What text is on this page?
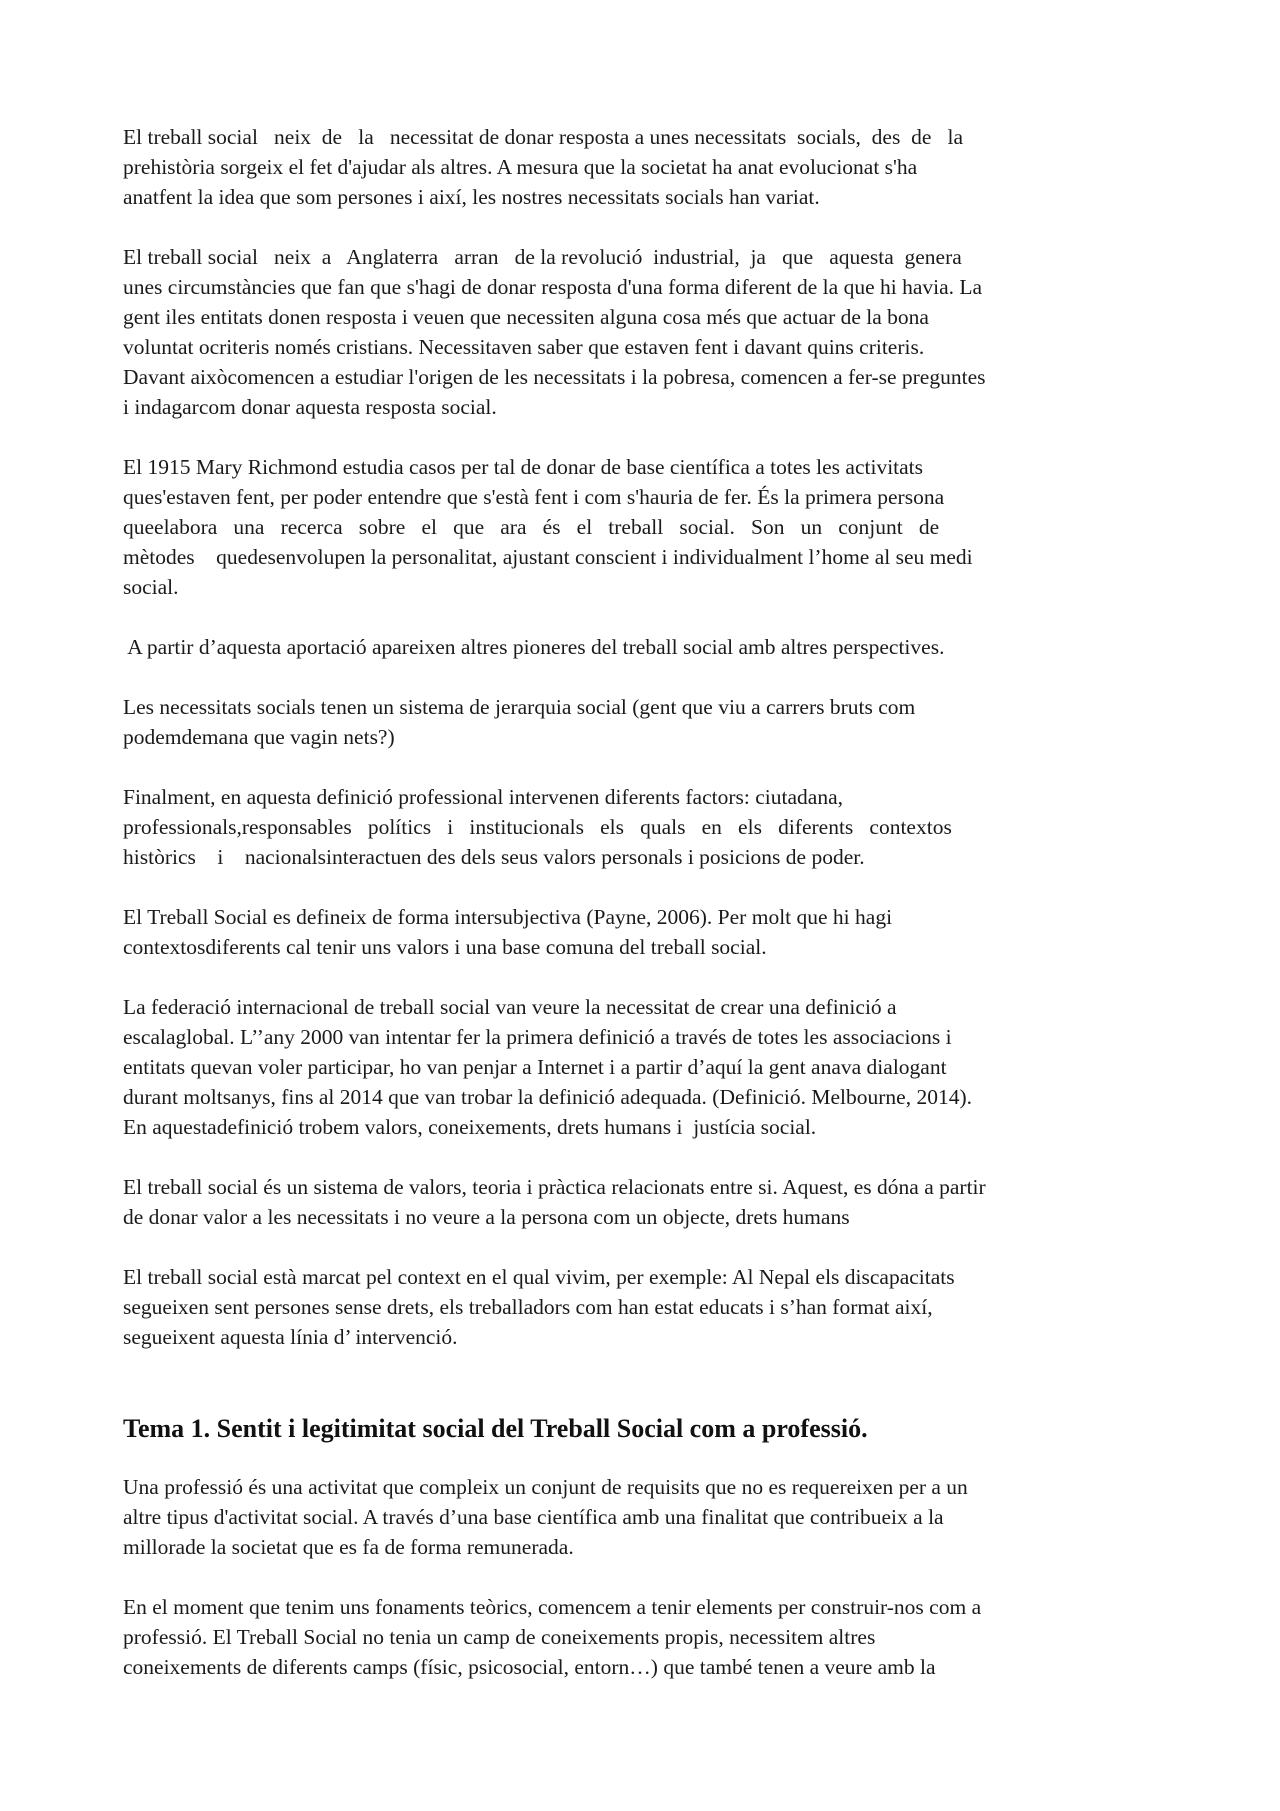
El treball social   neix  de   la   necessitat de donar resposta a unes necessitats  socials,  des  de   la
prehistòria sorgeix el fet d'ajudar als altres. A mesura que la societat ha anat evolucionat s'ha
anatfent la idea que som persones i així, les nostres necessitats socials han variat.

El treball social   neix  a   Anglaterra   arran   de la revolució  industrial,  ja   que   aquesta  genera
unes circumstàncies que fan que s'hagi de donar resposta d'una forma diferent de la que hi havia. La
gent iles entitats donen resposta i veuen que necessiten alguna cosa més que actuar de la bona
voluntat ocriteris només cristians. Necessitaven saber que estaven fent i davant quins criteris.
Davant aixòcomencen a estudiar l'origen de les necessitats i la pobresa, comencen a fer-se preguntes
i indagarcom donar aquesta resposta social.

El 1915 Mary Richmond estudia casos per tal de donar de base científica a totes les activitats
ques'estaven fent, per poder entendre que s'està fent i com s'hauria de fer. És la primera persona
queelabora   una   recerca   sobre   el   que   ara   és   el   treball   social.   Son   un   conjunt   de
mètodes    quedesenvolupen la personalitat, ajustant conscient i individualment l’home al seu medi
social.

A partir d’aquesta aportació apareixen altres pioneres del treball social amb altres perspectives.

Les necessitats socials tenen un sistema de jerarquia social (gent que viu a carrers bruts com
podemdemana que vagin nets?)

Finalment, en aquesta definició professional intervenen diferents factors: ciutadana,
professionals,responsables   polítics   i   institucionals   els   quals   en   els   diferents   contextos
històrics    i    nacionalsinteractuen des dels seus valors personals i posicions de poder.

El Treball Social es defineix de forma intersubjectiva (Payne, 2006). Per molt que hi hagi
contextosdiferents cal tenir uns valors i una base comuna del treball social.

La federació internacional de treball social van veure la necessitat de crear una definició a
escalaglobal. L’’any 2000 van intentar fer la primera definició a través de totes les associacions i
entitats quevan voler participar, ho van penjar a Internet i a partir d’aquí la gent anava dialogant
durant moltsanys, fins al 2014 que van trobar la definició adequada. (Definició. Melbourne, 2014).
En aquestadefinició trobem valors, coneixements, drets humans i  justícia social.

El treball social és un sistema de valors, teoria i pràctica relacionats entre si. Aquest, es dóna a partir
de donar valor a les necessitats i no veure a la persona com un objecte, drets humans

El treball social està marcat pel context en el qual vivim, per exemple: Al Nepal els discapacitats
segueixen sent persones sense drets, els treballadors com han estat educats i s’han format així,
segueixent aquesta línia d’ intervenció.

Tema 1. Sentit i legitimitat social del Treball Social com a professió.

Una professió és una activitat que compleix un conjunt de requisits que no es requereixen per a un
altre tipus d'activitat social. A través d’una base científica amb una finalitat que contribueix a la
millorade la societat que es fa de forma remunerada.

En el moment que tenim uns fonaments teòrics, comencem a tenir elements per construir-nos com a
professió. El Treball Social no tenia un camp de coneixements propis, necessitem altres
coneixements de diferents camps (físic, psicosocial, entorn…) que també tenen a veure amb la
